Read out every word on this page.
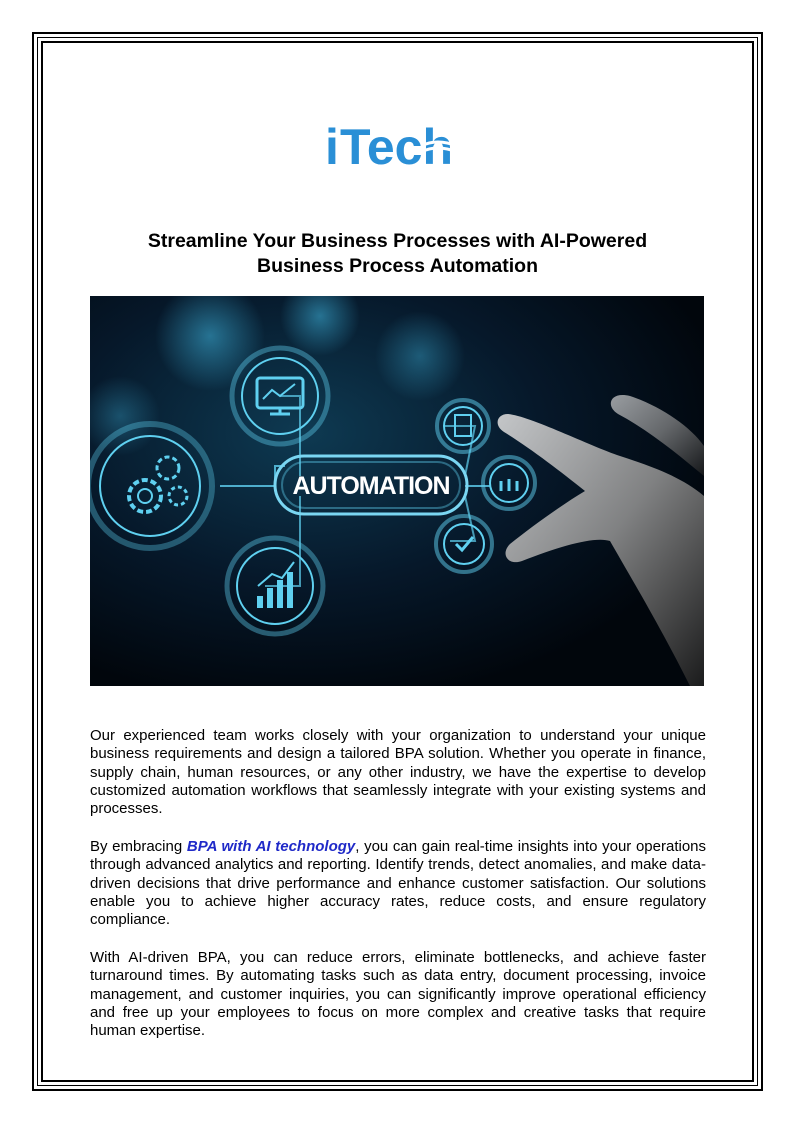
i Tech
Streamline Your Business Processes with AI-Powered
Business Process Automation
AUTOMATION

Our experienced team works closely with your organization to understand your unique business requirements and design a tailored BPA solution. Whether you operate in finance, supply chain, human resources, or any other industry, we have the expertise to develop customized automation workflows that seamlessly integrate with your existing systems and processes.

By embracing BPA with AI technology, you can gain real-time insights into your operations through advanced analytics and reporting. Identify trends, detect anomalies, and make data-driven decisions that drive performance and enhance customer satisfaction. Our solutions enable you to achieve higher accuracy rates, reduce costs, and ensure regulatory compliance.

With AI-driven BPA, you can reduce errors, eliminate bottlenecks, and achieve faster turnaround times. By automating tasks such as data entry, document processing, invoice management, and customer inquiries, you can significantly improve operational efficiency and free up your employees to focus on more complex and creative tasks that require human expertise.
